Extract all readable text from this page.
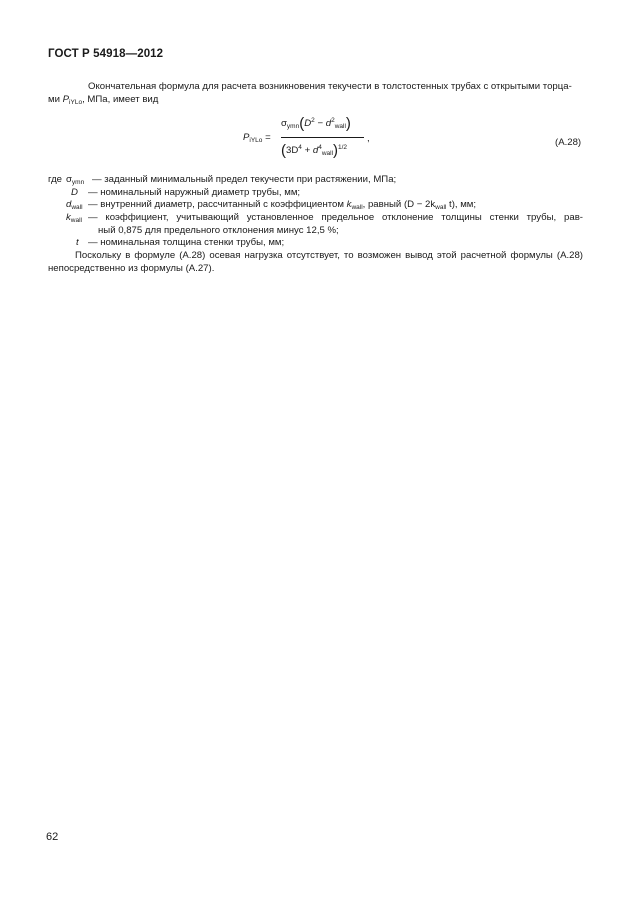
ГОСТ Р 54918—2012
Окончательная формула для расчета возникновения текучести в толстостенных трубах с открытыми торца-
ми $P_{iYLo}$, МПа, имеет вид
$P_{iYLo}$ =
$\sigma_{ymn}(D^2 - d^2_{wall})$
$(3D^4 + d^4_{wall})^{1/2}$
,	(A.28)
где $\sigma_{ymn}$ — заданный минимальный предел текучести при растяжении, МПа;
D — номинальный наружный диаметр трубы, мм;
$d_{wall}$ — внутренний диаметр, рассчитанный с коэффициентом $k_{wall}$, равный ($D - 2k_{wall}$ t), мм;
$k_{wall}$ — коэффициент, учитывающий установленное предельное отклонение толщины стенки трубы, рав-
ный 0,875 для предельного отклонения минус 12,5 %;
t — номинальная толщина стенки трубы, мм;
Поскольку в формуле (А.28) осевая нагрузка отсутствует, то возможен вывод этой расчетной формулы (А.28)
непосредственно из формулы (А.27).
62
